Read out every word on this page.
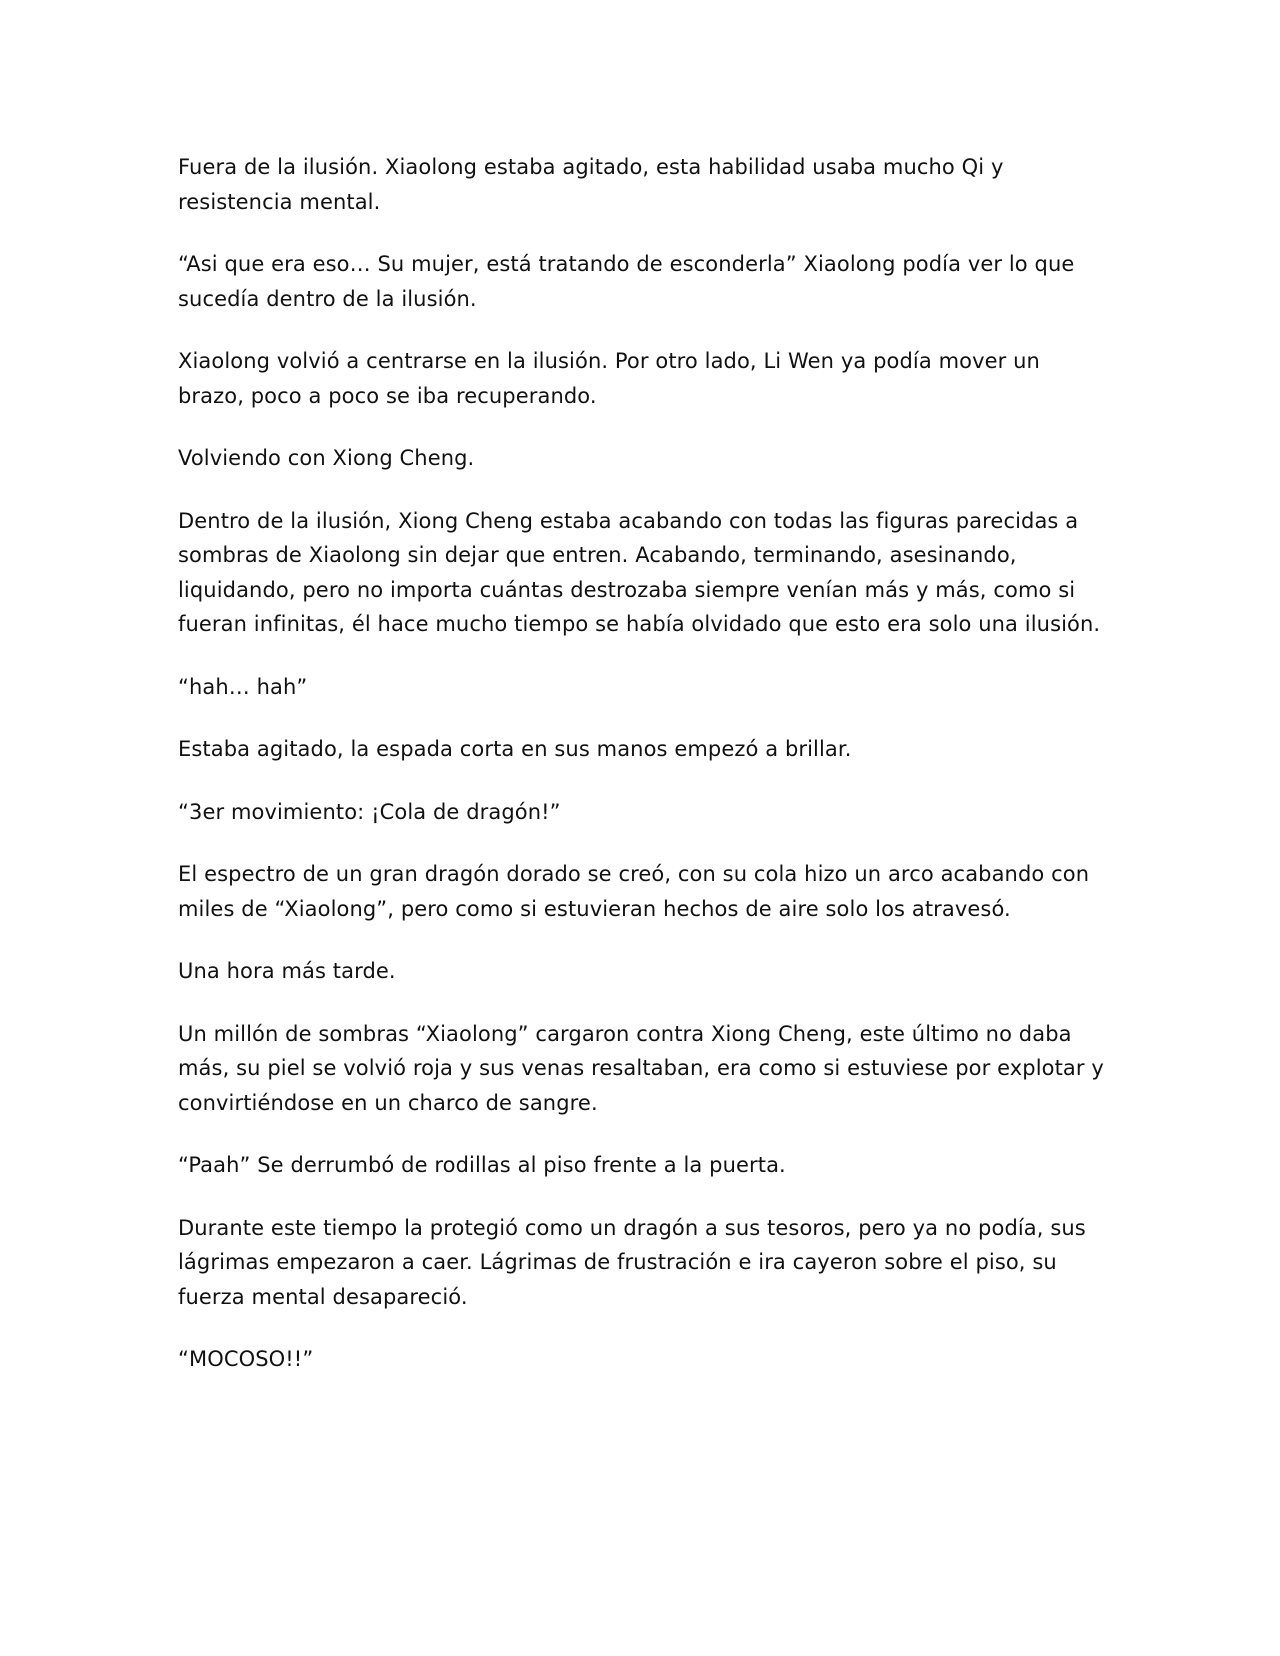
Fuera de la ilusión. Xiaolong estaba agitado, esta habilidad usaba mucho Qi y resistencia mental.

“Asi que era eso… Su mujer, está tratando de esconderla” Xiaolong podía ver lo que sucedía dentro de la ilusión.

Xiaolong volvió a centrarse en la ilusión. Por otro lado, Li Wen ya podía mover un brazo, poco a poco se iba recuperando.

Volviendo con Xiong Cheng.

Dentro de la ilusión, Xiong Cheng estaba acabando con todas las figuras parecidas a sombras de Xiaolong sin dejar que entren. Acabando, terminando, asesinando, liquidando, pero no importa cuántas destrozaba siempre venían más y más, como si fueran infinitas, él hace mucho tiempo se había olvidado que esto era solo una ilusión.

“hah… hah”

Estaba agitado, la espada corta en sus manos empezó a brillar.

“3er movimiento: ¡Cola de dragón!”

El espectro de un gran dragón dorado se creó, con su cola hizo un arco acabando con miles de “Xiaolong”, pero como si estuvieran hechos de aire solo los atravesó.

Una hora más tarde.

Un millón de sombras “Xiaolong” cargaron contra Xiong Cheng, este último no daba más, su piel se volvió roja y sus venas resaltaban, era como si estuviese por explotar y convirtiéndose en un charco de sangre.

“Paah” Se derrumbó de rodillas al piso frente a la puerta.

Durante este tiempo la protegió como un dragón a sus tesoros, pero ya no podía, sus lágrimas empezaron a caer. Lágrimas de frustración e ira cayeron sobre el piso, su fuerza mental desapareció.

“MOCOSO!!”
